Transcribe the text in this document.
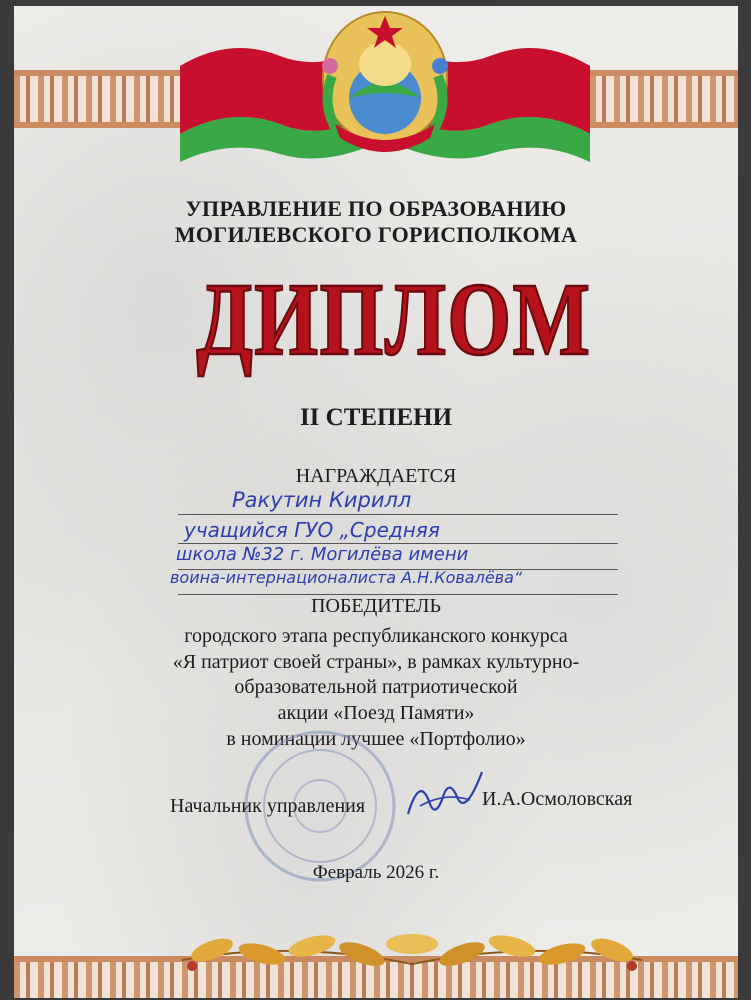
УПРАВЛЕНИЕ ПО ОБРАЗОВАНИЮ
МОГИЛЕВСКОГО ГОРИСПОЛКОМА
ДИПЛОМ
II СТЕПЕНИ
НАГРАЖДАЕТСЯ
Ракутин Кирилл
учащийся ГУО „Средняя
школа №32 г. Могилёва имени
воина-интернационалиста А.Н.Ковалёва“
ПОБЕДИТЕЛЬ
городского этапа республиканского конкурса
«Я патриот своей страны», в рамках культурно-
образовательной патриотической
акции «Поезд Памяти»
в номинации лучшее «Портфолио»
Начальник управления	И.А.Осмоловская
Февраль 2026 г.
